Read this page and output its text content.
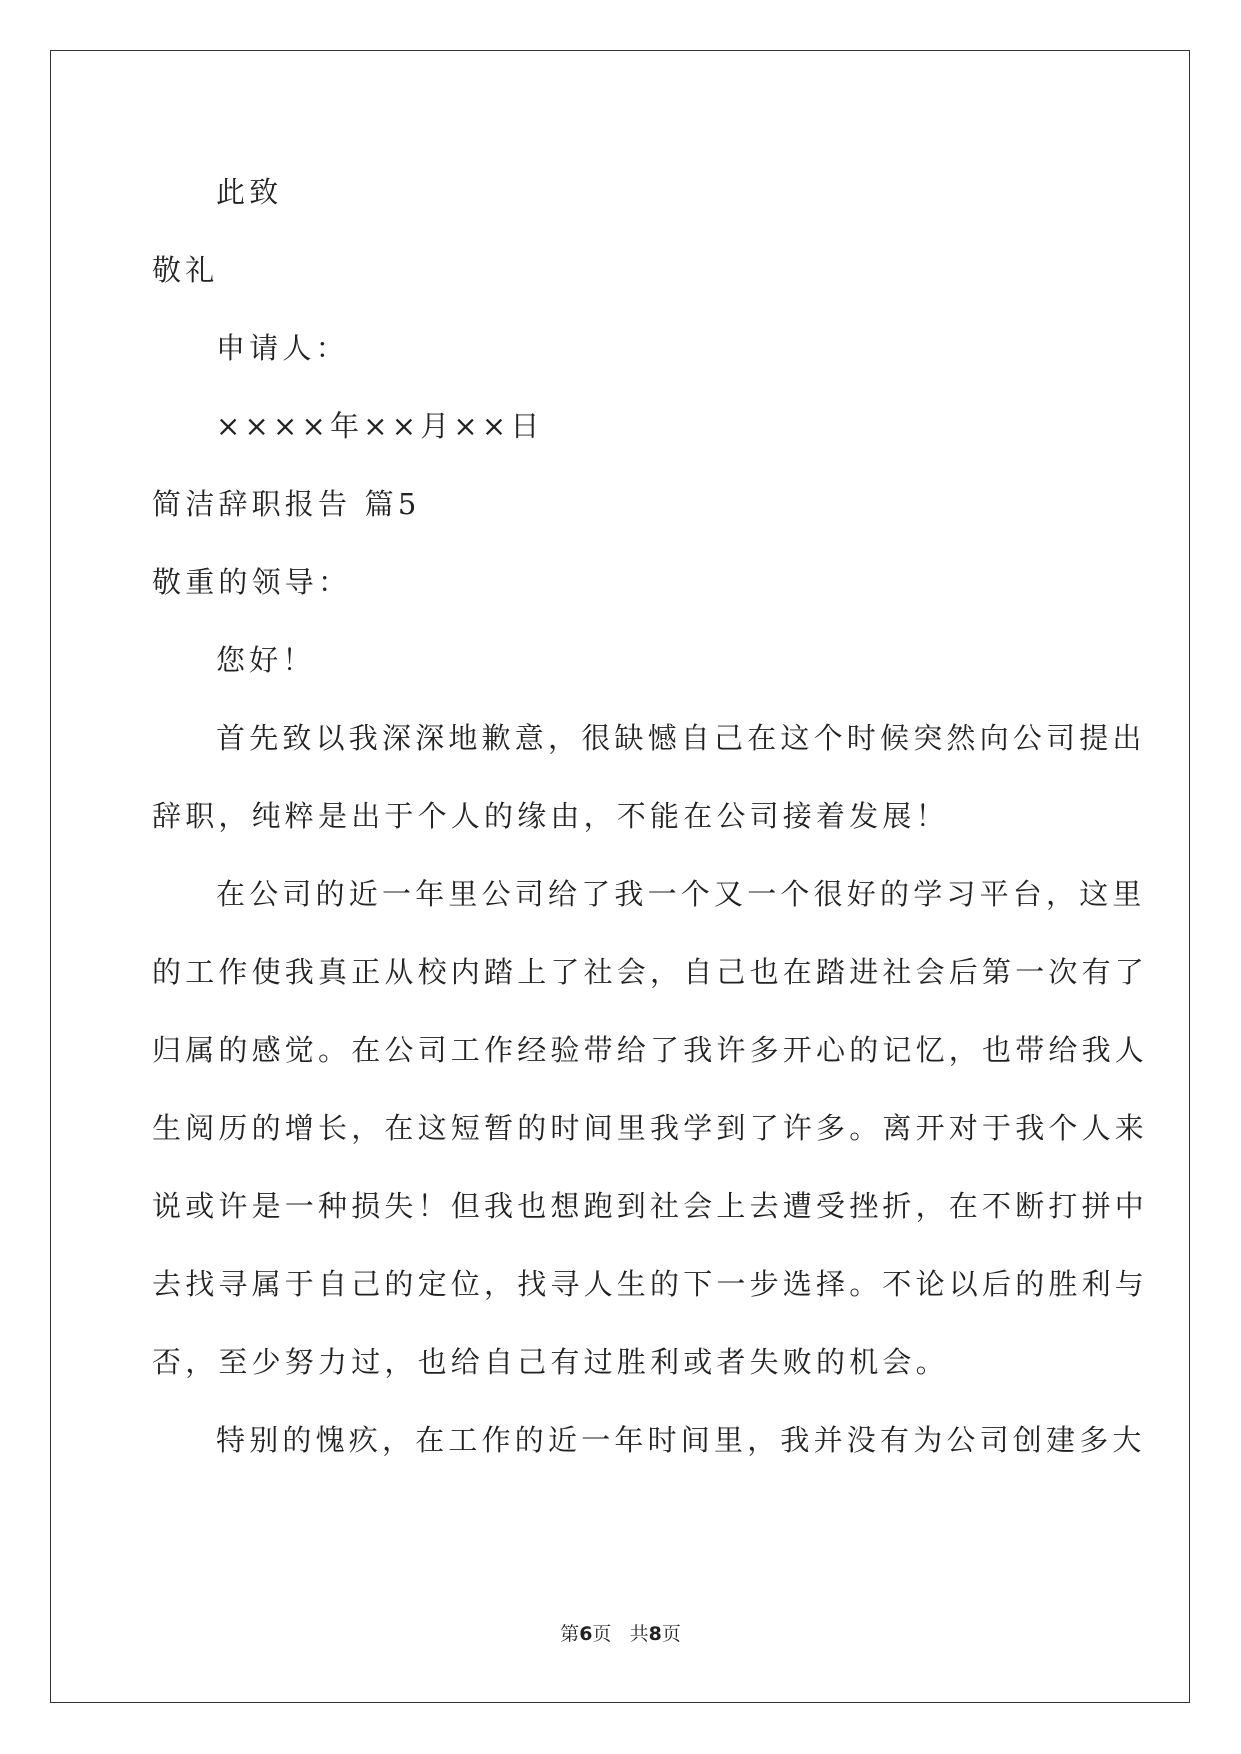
此致
敬礼
申请人：
××××年××月××日
简洁辞职报告 篇5
敬重的领导：
您好！
首先致以我深深地歉意，很缺憾自己在这个时候突然向公司提出
辞职，纯粹是出于个人的缘由，不能在公司接着发展！
在公司的近一年里公司给了我一个又一个很好的学习平台，这里
的工作使我真正从校内踏上了社会，自己也在踏进社会后第一次有了
归属的感觉。在公司工作经验带给了我许多开心的记忆，也带给我人
生阅历的增长，在这短暂的时间里我学到了许多。离开对于我个人来
说或许是一种损失！但我也想跑到社会上去遭受挫折，在不断打拼中
去找寻属于自己的定位，找寻人生的下一步选择。不论以后的胜利与
否，至少努力过，也给自己有过胜利或者失败的机会。
特别的愧疚，在工作的近一年时间里，我并没有为公司创建多大
第6页 共8页
